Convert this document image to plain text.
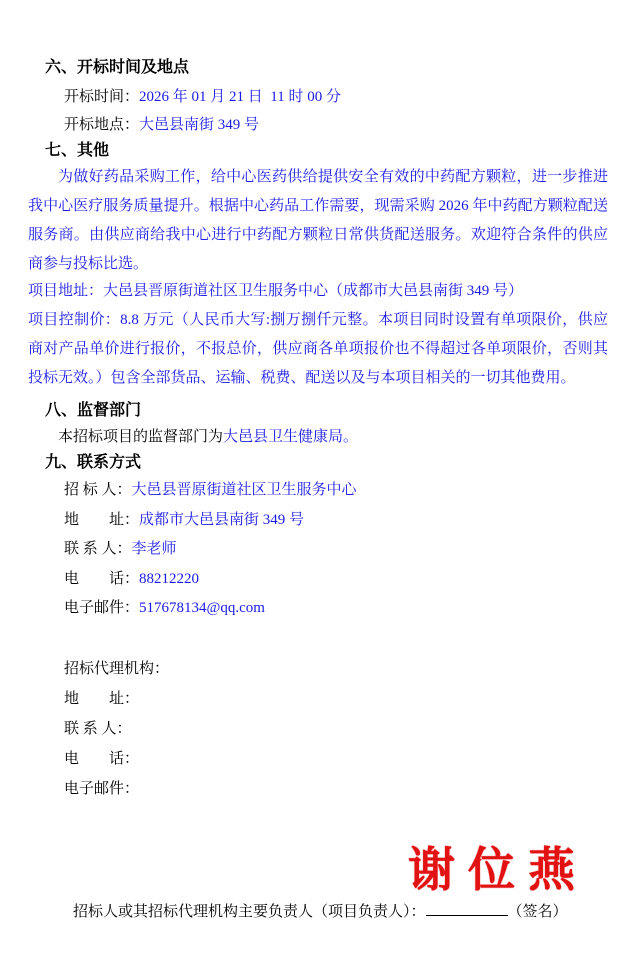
六、开标时间及地点
开标时间：2026 年 01 月 21 日  11 时 00 分
开标地点：大邑县南街 349 号
七、其他
为做好药品采购工作，给中心医药供给提供安全有效的中药配方颗粒，进一步推进我中心医疗服务质量提升。根据中心药品工作需要，现需采购 2026 年中药配方颗粒配送服务商。由供应商给我中心进行中药配方颗粒日常供货配送服务。欢迎符合条件的供应商参与投标比选。
项目地址：大邑县晋原街道社区卫生服务中心（成都市大邑县南街 349 号）
项目控制价：8.8 万元（人民币大写:捌万捌仟元整。本项目同时设置有单项限价，供应商对产品单价进行报价，不报总价，供应商各单项报价也不得超过各单项限价，否则其投标无效。）包含全部货品、运输、税费、配送以及与本项目相关的一切其他费用。
八、监督部门
本招标项目的监督部门为大邑县卫生健康局。
九、联系方式
招 标 人：大邑县晋原街道社区卫生服务中心
地　　址：成都市大邑县南街 349 号
联 系 人：李老师
电　　话：88212220
电子邮件：517678134@qq.com
招标代理机构：
地　　址：
联 系 人：
电　　话：
电子邮件：
谢位燕
招标人或其招标代理机构主要负责人（项目负责人）：	（签名）
